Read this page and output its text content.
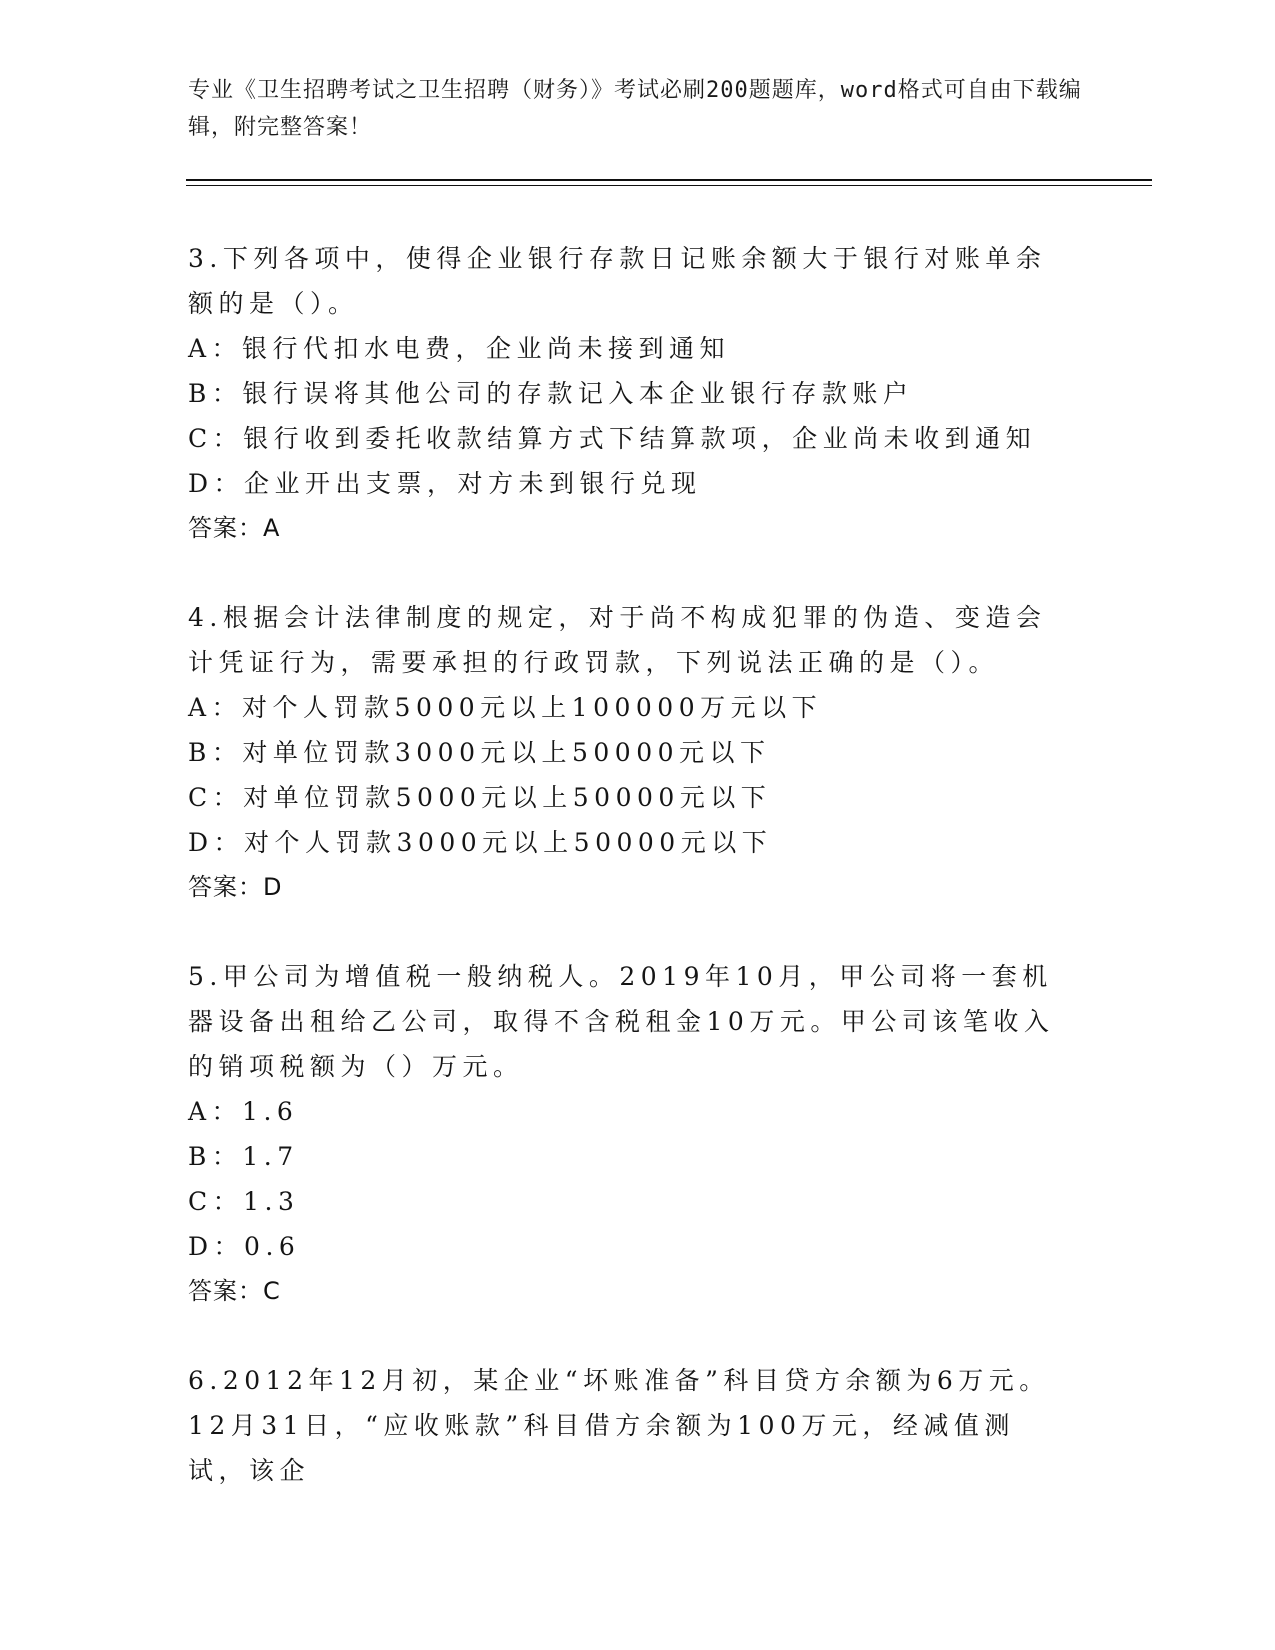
专业《卫生招聘考试之卫生招聘（财务）》考试必刷200题题库，word格式可自由下载编辑，附完整答案！
3.下列各项中，使得企业银行存款日记账余额大于银行对账单余额的是（）。
A：银行代扣水电费，企业尚未接到通知
B：银行误将其他公司的存款记入本企业银行存款账户
C：银行收到委托收款结算方式下结算款项，企业尚未收到通知
D：企业开出支票，对方未到银行兑现
答案：A
4.根据会计法律制度的规定，对于尚不构成犯罪的伪造、变造会计凭证行为，需要承担的行政罚款，下列说法正确的是（）。
A：对个人罚款5000元以上100000万元以下
B：对单位罚款3000元以上50000元以下
C：对单位罚款5000元以上50000元以下
D：对个人罚款3000元以上50000元以下
答案：D
5.甲公司为增值税一般纳税人。2019年10月，甲公司将一套机器设备出租给乙公司，取得不含税租金10万元。甲公司该笔收入的销项税额为（）万元。
A：1.6
B：1.7
C：1.3
D：0.6
答案：C
6.2012年12月初，某企业“坏账准备”科目贷方余额为6万元。12月31日，“应收账款”科目借方余额为100万元，经减值测试，该企
